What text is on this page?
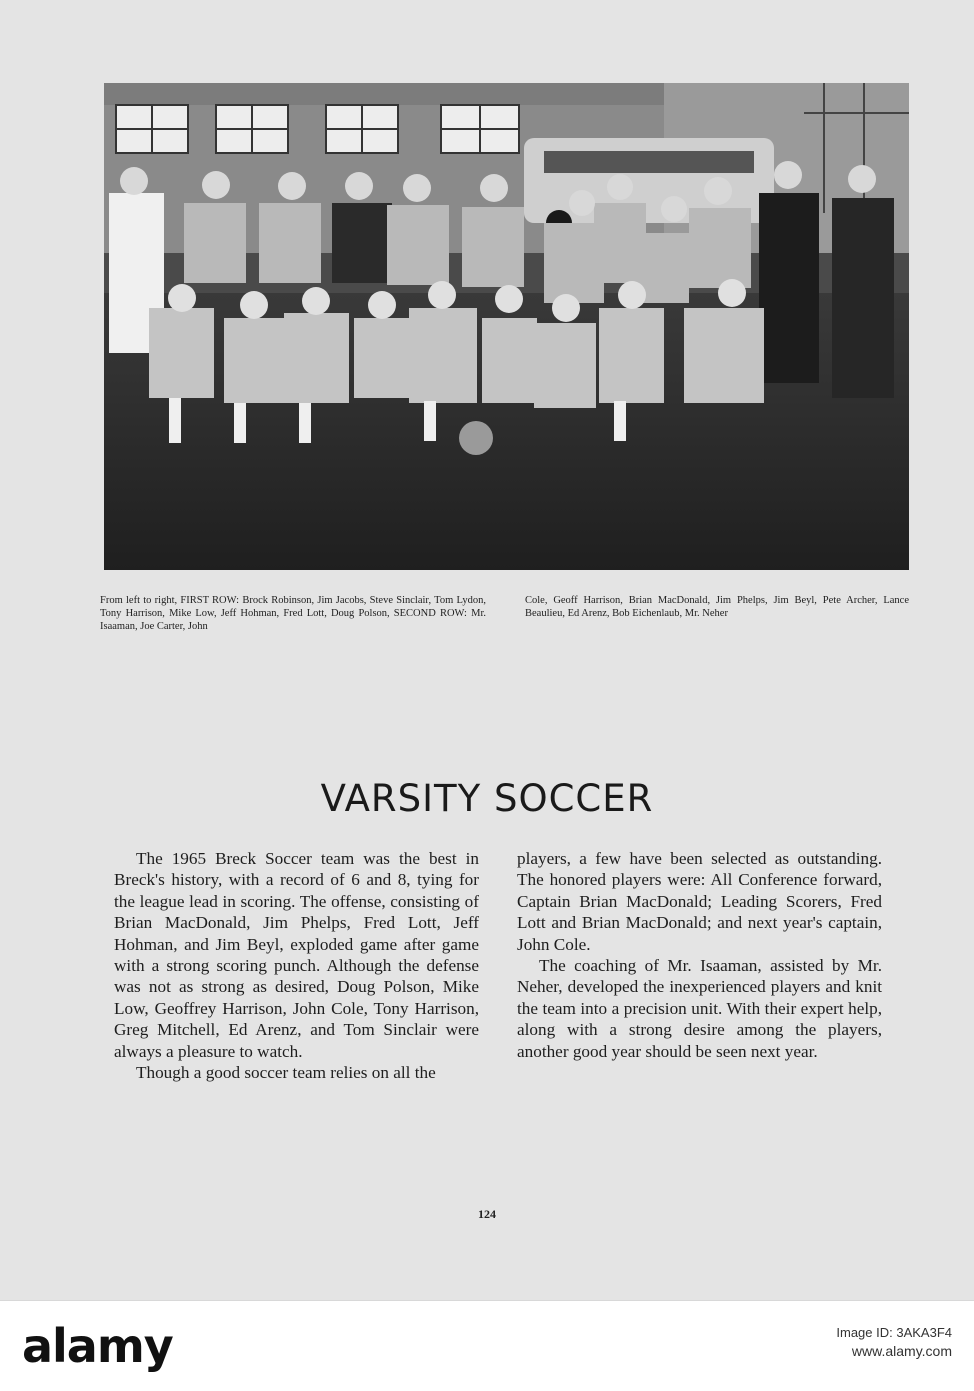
From left to right, FIRST ROW: Brock Robinson, Jim Jacobs, Steve Sinclair, Tom Lydon, Tony Harrison, Mike Low, Jeff Hohman, Fred Lott, Doug Polson, SECOND ROW: Mr. Isaaman, Joe Carter, John
Cole, Geoff Harrison, Brian MacDonald, Jim Phelps, Jim Beyl, Pete Archer, Lance Beaulieu, Ed Arenz, Bob Eichenlaub, Mr. Neher
VARSITY SOCCER

The 1965 Breck Soccer team was the best in Breck's history, with a record of 6 and 8, tying for the league lead in scoring. The offense, consisting of Brian MacDonald, Jim Phelps, Fred Lott, Jeff Hohman, and Jim Beyl, exploded game after game with a strong scoring punch. Although the defense was not as strong as desired, Doug Polson, Mike Low, Geoffrey Harrison, John Cole, Tony Harrison, Greg Mitchell, Ed Arenz, and Tom Sinclair were always a pleasure to watch.

Though a good soccer team relies on all the

players, a few have been selected as outstanding. The honored players were: All Conference forward, Captain Brian MacDonald; Leading Scorers, Fred Lott and Brian MacDonald; and next year's captain, John Cole.

The coaching of Mr. Isaaman, assisted by Mr. Neher, developed the inexperienced players and knit the team into a precision unit. With their expert help, along with a strong desire among the players, another good year should be seen next year.

124
alamy	Image ID: 3AKA3F4
www.alamy.com
